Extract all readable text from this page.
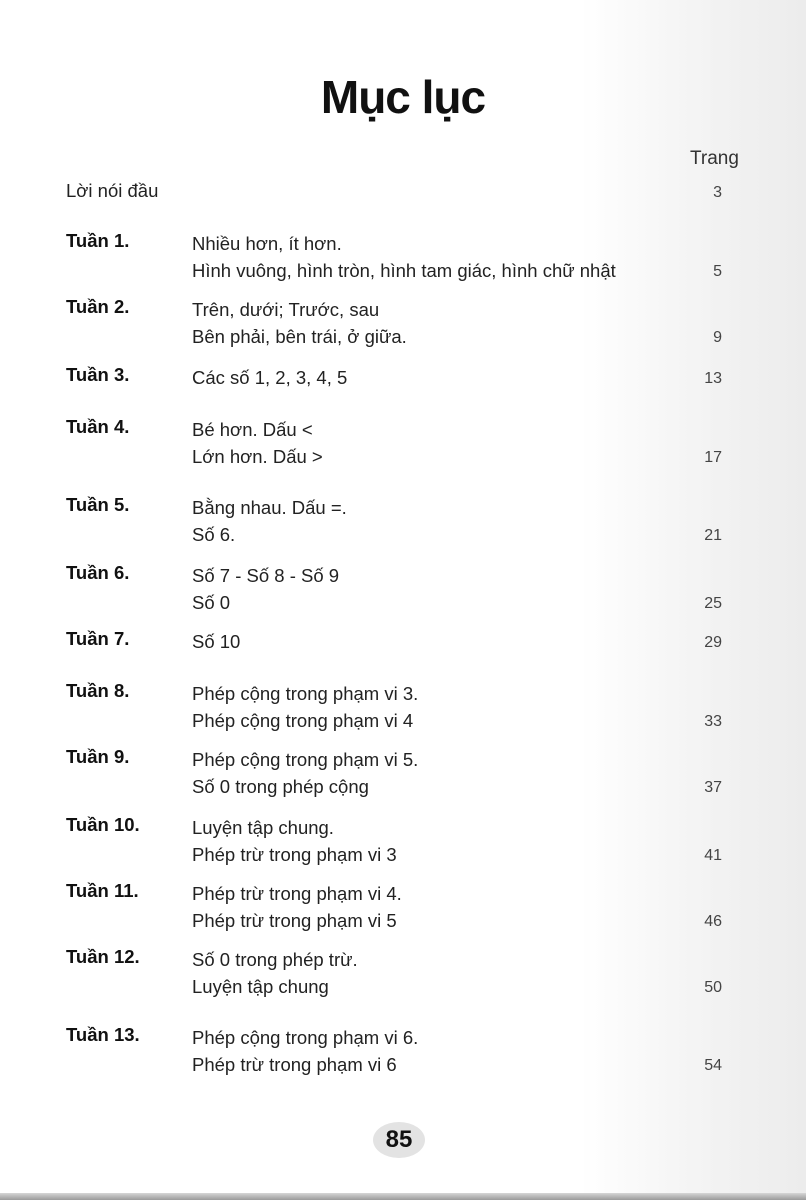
Mục lục
Trang
Lời nói đầu	3
Tuần 1.	Nhiều hơn, ít hơn.
Hình vuông, hình tròn, hình tam giác, hình chữ nhật	5
Tuần 2.	Trên, dưới; Trước, sau
Bên phải, bên trái, ở giữa.	9
Tuần 3.	Các số 1, 2, 3, 4, 5	13
Tuần 4.	Bé hơn. Dấu <
Lớn hơn. Dấu >	17
Tuần 5.	Bằng nhau. Dấu =.
Số 6.	21
Tuần 6.	Số 7 - Số 8 - Số 9
Số 0	25
Tuần 7.	Số 10	29
Tuần 8.	Phép cộng trong phạm vi 3.
Phép cộng trong phạm vi 4	33
Tuần 9.	Phép cộng trong phạm vi 5.
Số 0 trong phép cộng	37
Tuần 10.	Luyện tập chung.
Phép trừ trong phạm vi 3	41
Tuần 11.	Phép trừ trong phạm vi 4.
Phép trừ trong phạm vi 5	46
Tuần 12.	Số 0 trong phép trừ.
Luyện tập chung	50
Tuần 13.	Phép cộng trong phạm vi 6.
Phép trừ trong phạm vi 6	54
85
